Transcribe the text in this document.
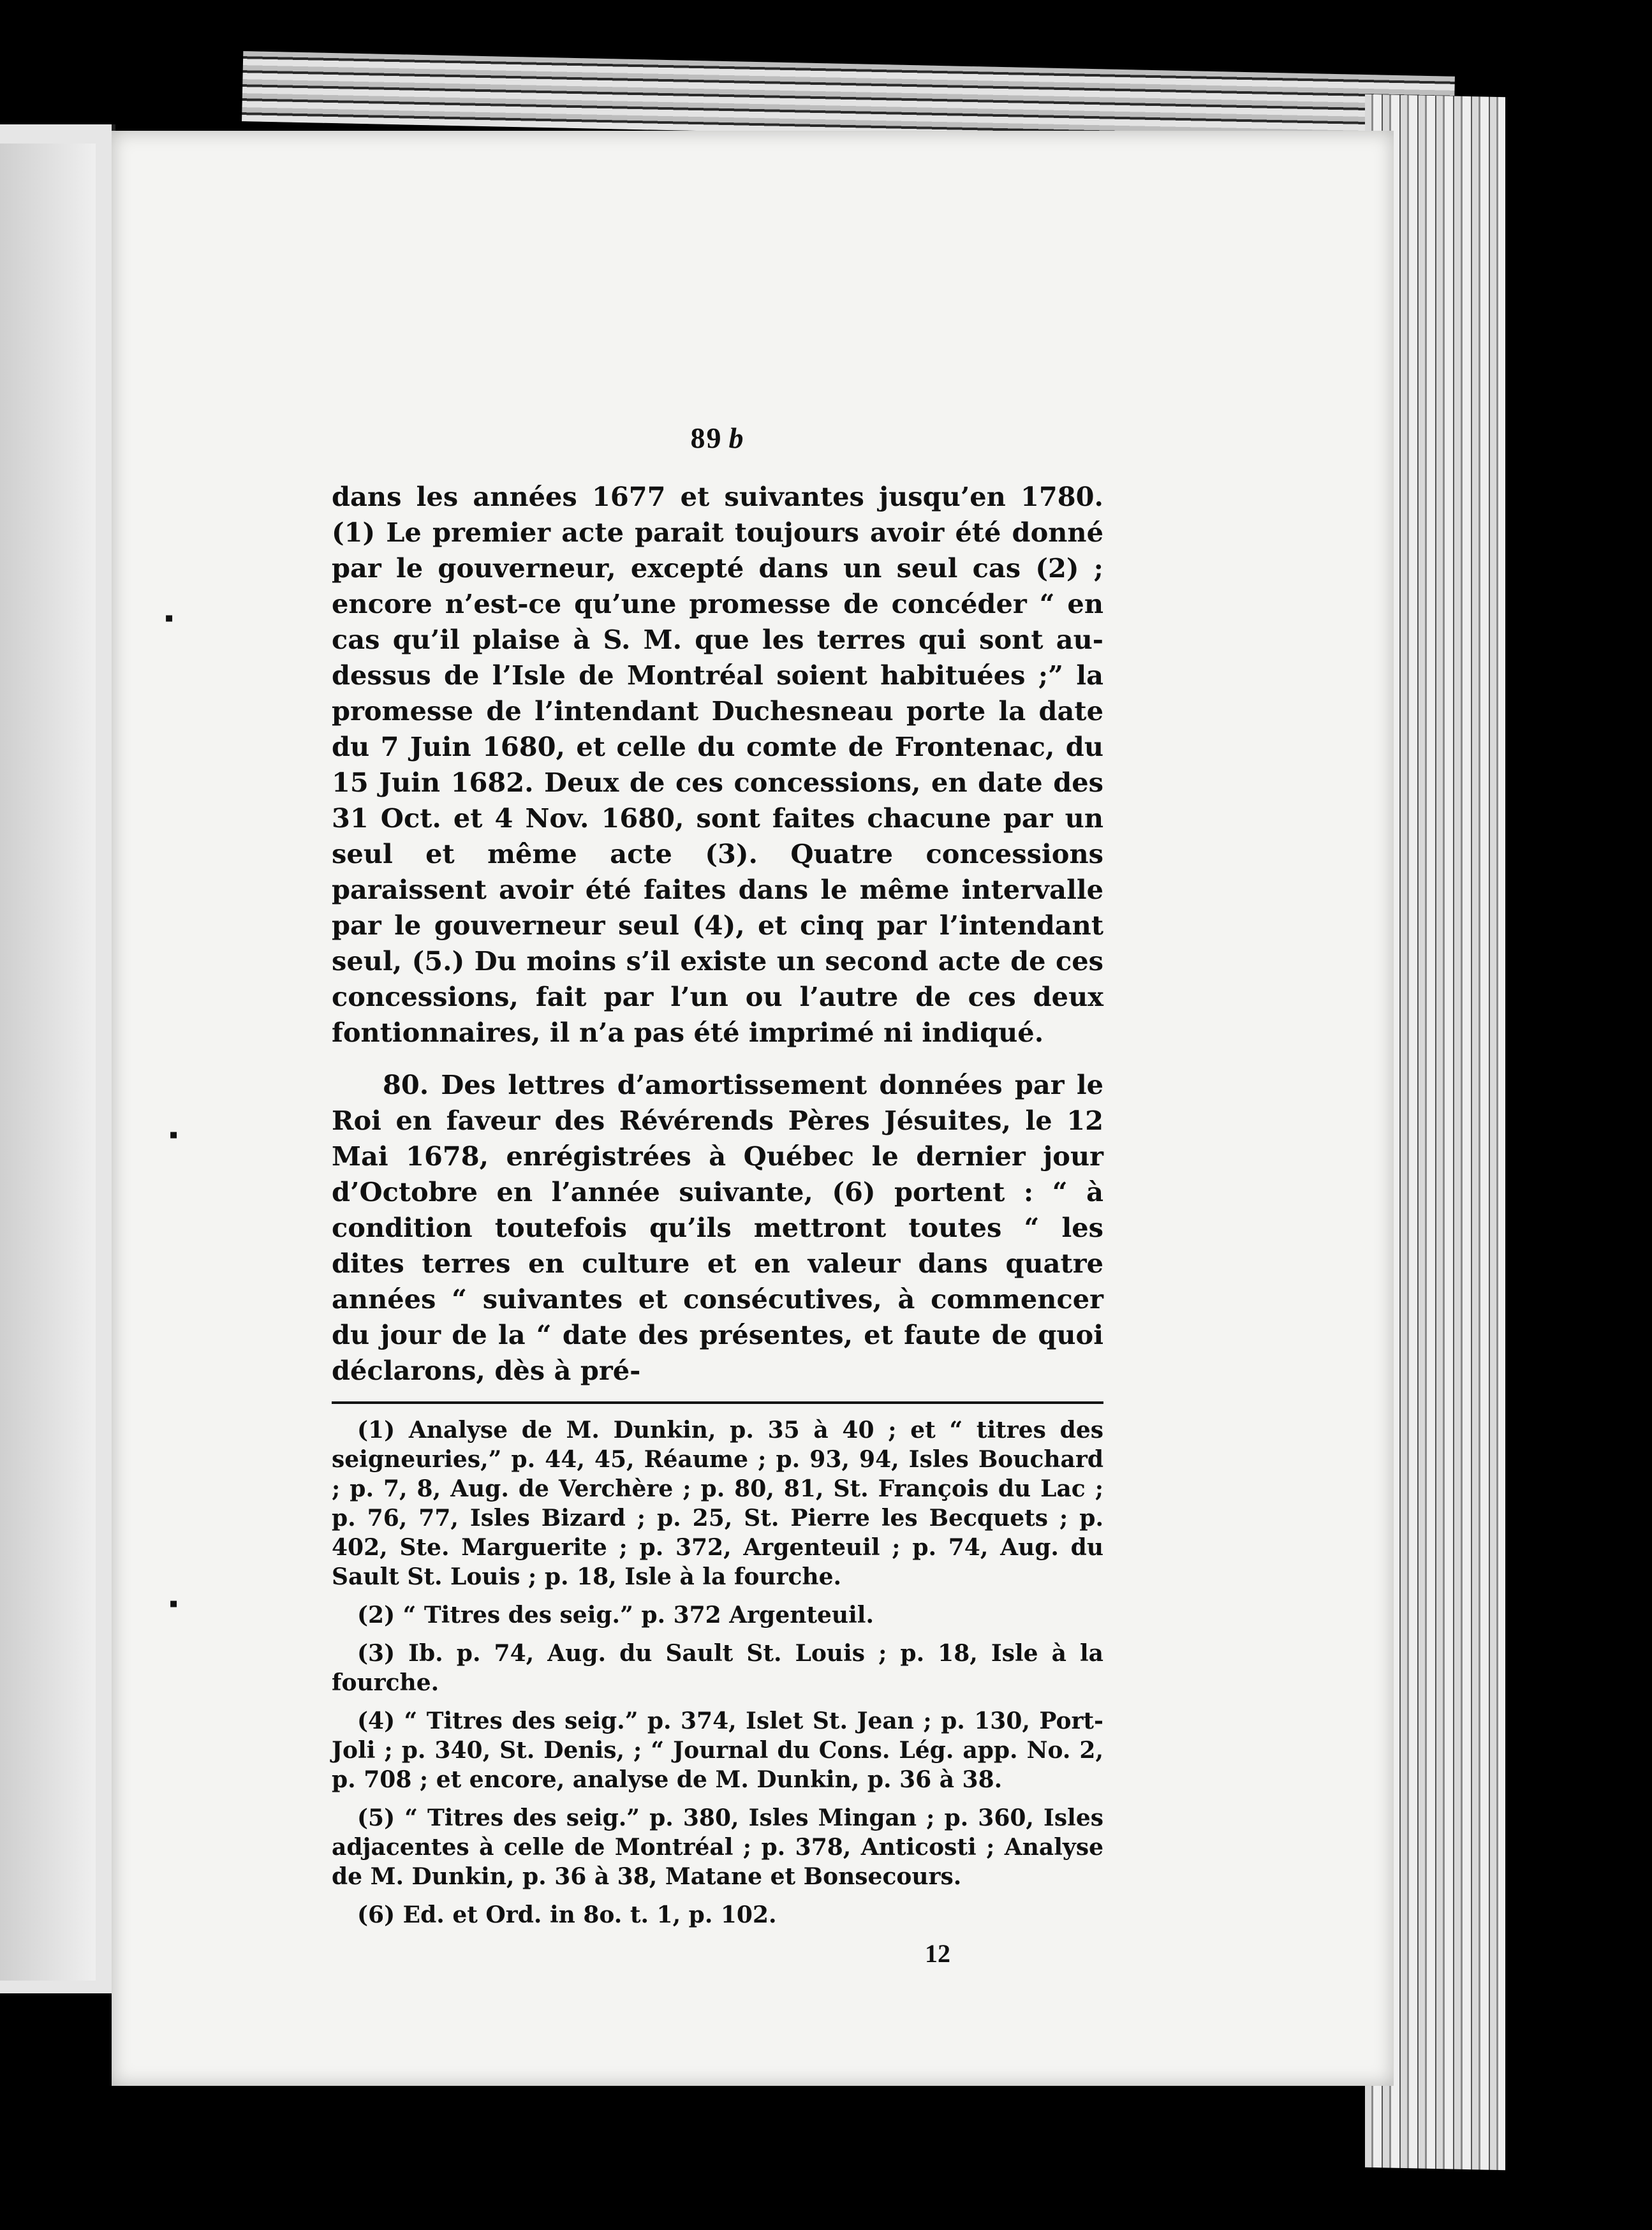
▪
▪
▪
89 b

dans les années 1677 et suivantes jusqu’en 1780. (1) Le premier acte parait toujours avoir été donné par le gouverneur, excepté dans un seul cas (2) ; encore n’est-ce qu’une promesse de concéder “ en cas qu’il plaise à S. M. que les terres qui sont au-dessus de l’Isle de Montréal soient habituées ;” la promesse de l’intendant Duchesneau porte la date du 7 Juin 1680, et celle du comte de Frontenac, du 15 Juin 1682. Deux de ces concessions, en date des 31 Oct. et 4 Nov. 1680, sont faites chacune par un seul et même acte (3). Quatre concessions paraissent avoir été faites dans le même intervalle par le gouverneur seul (4), et cinq par l’intendant seul, (5.) Du moins s’il existe un second acte de ces concessions, fait par l’un ou l’autre de ces deux fontionnaires, il n’a pas été imprimé ni indiqué.

80. Des lettres d’amortissement données par le Roi en faveur des Révérends Pères Jésuites, le 12 Mai 1678, enrégistrées à Québec le dernier jour d’Octobre en l’année suivante, (6) portent : “ à condition toutefois qu’ils mettront toutes “ les dites terres en culture et en valeur dans quatre années “ suivantes et consécutives, à commencer du jour de la “ date des présentes, et faute de quoi déclarons, dès à pré-

(1) Analyse de M. Dunkin, p. 35 à 40 ; et “ titres des seigneuries,” p. 44, 45, Réaume ; p. 93, 94, Isles Bouchard ; p. 7, 8, Aug. de Verchère ; p. 80, 81, St. François du Lac ; p. 76, 77, Isles Bizard ; p. 25, St. Pierre les Becquets ; p. 402, Ste. Marguerite ; p. 372, Argenteuil ; p. 74, Aug. du Sault St. Louis ; p. 18, Isle à la fourche.

(2) “ Titres des seig.” p. 372 Argenteuil.

(3) Ib. p. 74, Aug. du Sault St. Louis ; p. 18, Isle à la fourche.

(4) “ Titres des seig.” p. 374, Islet St. Jean ; p. 130, Port-Joli ; p. 340, St. Denis, ; “ Journal du Cons. Lég. app. No. 2, p. 708 ; et encore, analyse de M. Dunkin, p. 36 à 38.

(5) “ Titres des seig.” p. 380, Isles Mingan ; p. 360, Isles adjacentes à celle de Montréal ; p. 378, Anticosti ; Analyse de M. Dunkin, p. 36 à 38, Matane et Bonsecours.

(6) Ed. et Ord. in 8o. t. 1, p. 102.

12
